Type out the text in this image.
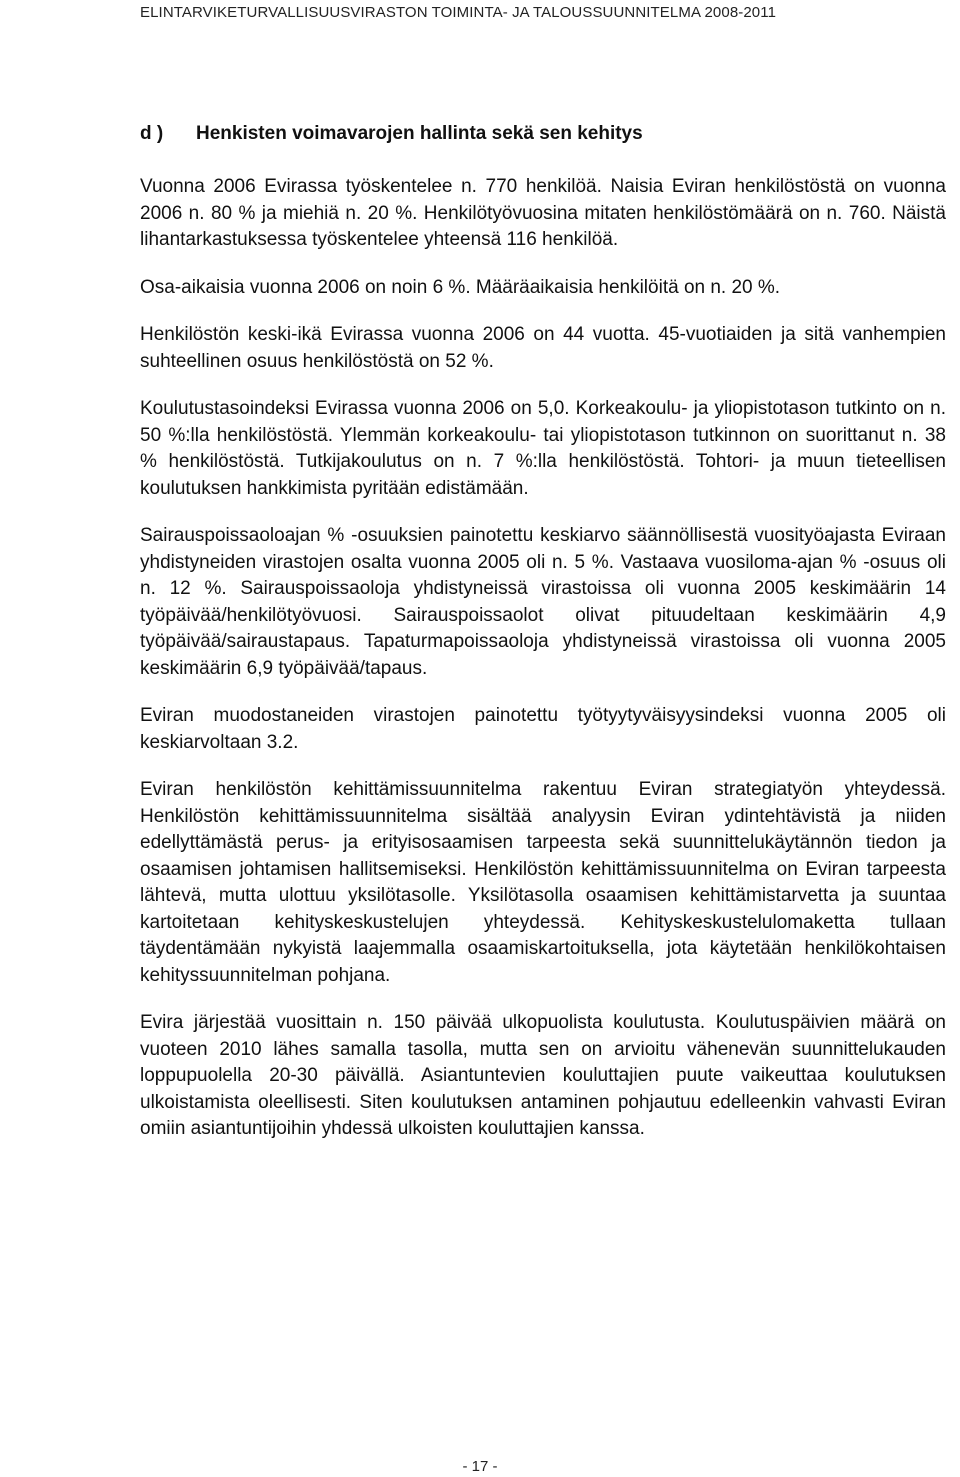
ELINTARVIKETURVALLISUUSVIRASTON TOIMINTA- JA TALOUSSUUNNITELMA 2008-2011
d ) Henkisten voimavarojen hallinta sekä sen kehitys

Vuonna 2006 Evirassa työskentelee n. 770 henkilöä. Naisia Eviran henkilöstöstä on vuonna 2006 n. 80 % ja miehiä n. 20 %. Henkilötyövuosina mitaten henkilöstömäärä on n. 760. Näistä lihantarkastuksessa työskentelee yhteensä 116 henkilöä.

Osa-aikaisia vuonna 2006 on noin 6 %. Määräaikaisia henkilöitä on n. 20 %.

Henkilöstön keski-ikä Evirassa vuonna 2006 on 44 vuotta. 45-vuotiaiden ja sitä vanhempien suhteellinen osuus henkilöstöstä on 52 %.

Koulutustasoindeksi Evirassa vuonna 2006 on 5,0. Korkeakoulu- ja yliopistotason tutkinto on n. 50 %:lla henkilöstöstä. Ylemmän korkeakoulu- tai yliopistotason tutkinnon on suorittanut n. 38 % henkilöstöstä. Tutkijakoulutus on n. 7 %:lla henkilöstöstä. Tohtori- ja muun tieteellisen koulutuksen hankkimista pyritään edistämään.

Sairauspoissaoloajan % -osuuksien painotettu keskiarvo säännöllisestä vuosityöajasta Eviraan yhdistyneiden virastojen osalta vuonna 2005 oli n. 5 %. Vastaava vuosiloma-ajan % -osuus oli n. 12 %. Sairauspoissaoloja yhdistyneissä virastoissa oli vuonna 2005 keskimäärin 14 työpäivää/henkilötyövuosi. Sairauspoissaolot olivat pituudeltaan keskimäärin 4,9 työpäivää/sairaustapaus. Tapaturmapoissaoloja yhdistyneissä virastoissa oli vuonna 2005 keskimäärin 6,9 työpäivää/tapaus.

Eviran muodostaneiden virastojen painotettu työtyytyväisyysindeksi vuonna 2005 oli keskiarvoltaan 3.2.

Eviran henkilöstön kehittämissuunnitelma rakentuu Eviran strategiatyön yhteydessä. Henkilöstön kehittämissuunnitelma sisältää analyysin Eviran ydintehtävistä ja niiden edellyttämästä perus- ja erityisosaamisen tarpeesta sekä suunnittelukäytännön tiedon ja osaamisen johtamisen hallitsemiseksi. Henkilöstön kehittämissuunnitelma on Eviran tarpeesta lähtevä, mutta ulottuu yksilötasolle. Yksilötasolla osaamisen kehittämistarvetta ja suuntaa kartoitetaan kehityskeskustelujen yhteydessä. Kehityskeskustelulomaketta tullaan täydentämään nykyistä laajemmalla osaamiskartoituksella, jota käytetään henkilökohtaisen kehityssuunnitelman pohjana.

Evira järjestää vuosittain n. 150 päivää ulkopuolista koulutusta. Koulutuspäivien määrä on vuoteen 2010 lähes samalla tasolla, mutta sen on arvioitu vähenevän suunnittelukauden loppupuolella 20-30 päivällä. Asiantuntevien kouluttajien puute vaikeuttaa koulutuksen ulkoistamista oleellisesti. Siten koulutuksen antaminen pohjautuu edelleenkin vahvasti Eviran omiin asiantuntijoihin yhdessä ulkoisten kouluttajien kanssa.

- 17 -
